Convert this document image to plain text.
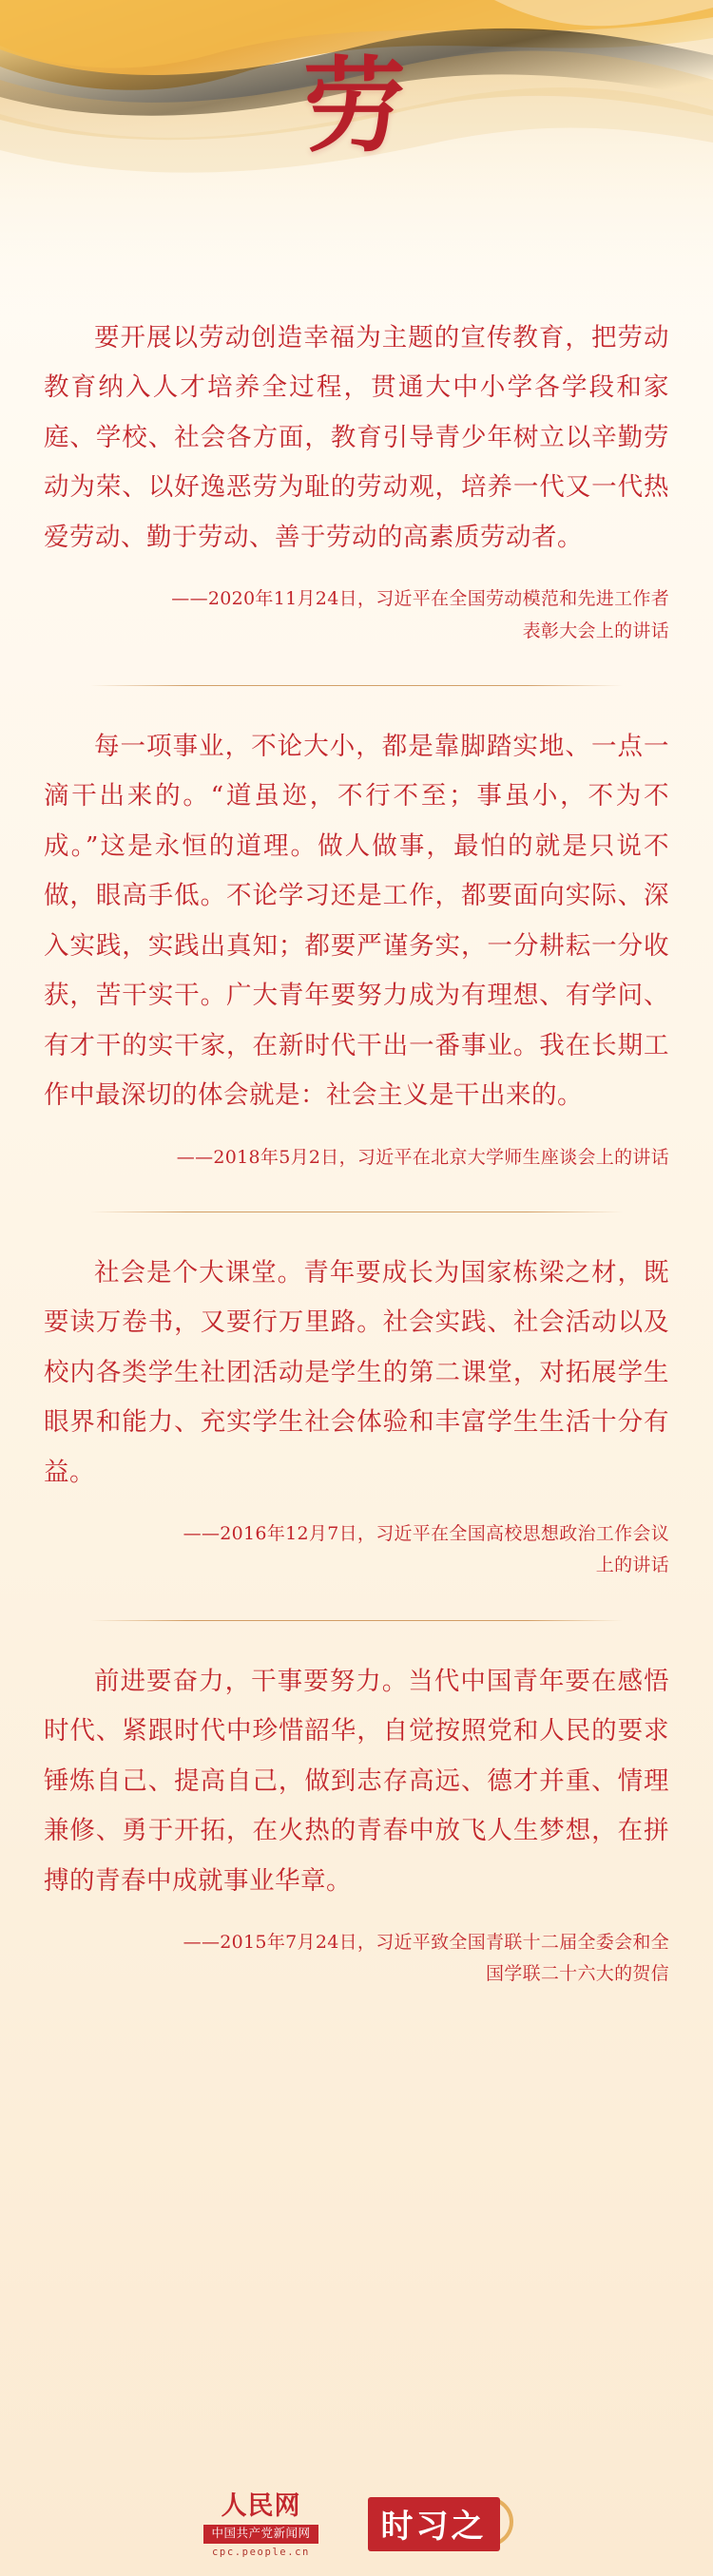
劳

要开展以劳动创造幸福为主题的宣传教育，把劳动教育纳入人才培养全过程，贯通大中小学各学段和家庭、学校、社会各方面，教育引导青少年树立以辛勤劳动为荣、以好逸恶劳为耻的劳动观，培养一代又一代热爱劳动、勤于劳动、善于劳动的高素质劳动者。

——2020年11月24日，习近平在全国劳动模范和先进工作者表彰大会上的讲话

每一项事业，不论大小，都是靠脚踏实地、一点一滴干出来的。“道虽迩，不行不至；事虽小，不为不成。”这是永恒的道理。做人做事，最怕的就是只说不做，眼高手低。不论学习还是工作，都要面向实际、深入实践，实践出真知；都要严谨务实，一分耕耘一分收获，苦干实干。广大青年要努力成为有理想、有学问、有才干的实干家，在新时代干出一番事业。我在长期工作中最深切的体会就是：社会主义是干出来的。

——2018年5月2日，习近平在北京大学师生座谈会上的讲话

社会是个大课堂。青年要成长为国家栋梁之材，既要读万卷书，又要行万里路。社会实践、社会活动以及校内各类学生社团活动是学生的第二课堂，对拓展学生眼界和能力、充实学生社会体验和丰富学生生活十分有益。

——2016年12月7日，习近平在全国高校思想政治工作会议上的讲话

前进要奋力，干事要努力。当代中国青年要在感悟时代、紧跟时代中珍惜韶华，自觉按照党和人民的要求锤炼自己、提高自己，做到志存高远、德才并重、情理兼修、勇于开拓，在火热的青春中放飞人生梦想，在拼搏的青春中成就事业华章。

——2015年7月24日，习近平致全国青联十二届全委会和全国学联二十六大的贺信
人民网
中国共产党新闻网
cpc.people.cn
时习之
